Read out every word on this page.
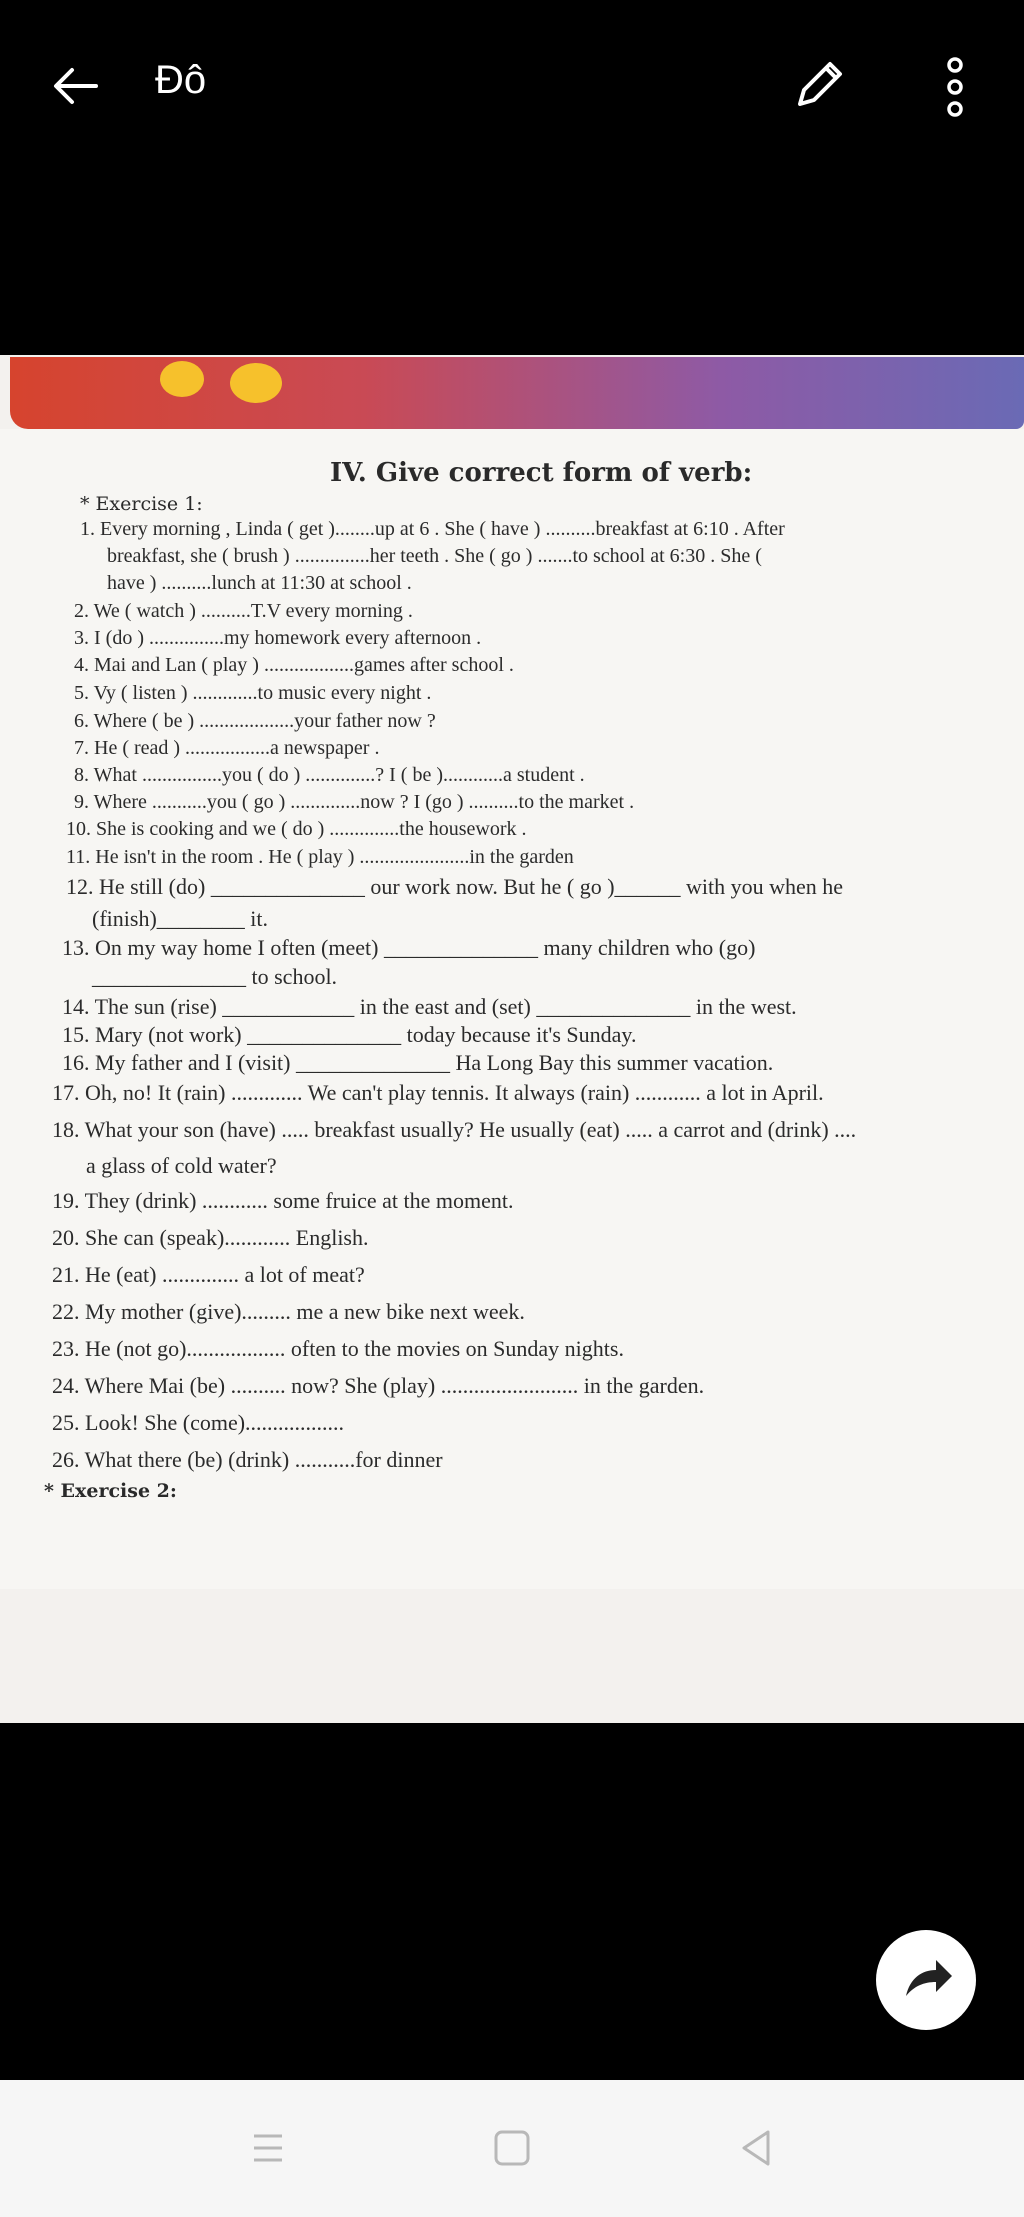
Đô
IV. Give correct form of verb:
* Exercise 1:
1. Every morning , Linda ( get )........up at 6 . She ( have ) ..........breakfast at 6:10 . After
breakfast, she ( brush ) ...............her teeth . She ( go ) .......to school at 6:30 . She (
have ) ..........lunch at 11:30 at school .
2. We ( watch ) ..........T.V every morning .
3. I (do ) ...............my homework every afternoon .
4. Mai and Lan ( play ) ..................games after school .
5. Vy ( listen ) .............to music every night .
6. Where ( be ) ...................your father now ?
7. He ( read ) .................a newspaper .
8. What ................you ( do ) ..............? I ( be )............a student .
9. Where ...........you ( go ) ..............now ? I (go ) ..........to the market .
10. She is cooking and we ( do ) ..............the housework .
11. He isn't in the room . He ( play ) ......................in the garden
12. He still (do) ______________ our work now. But he ( go )______ with you when he
(finish)________ it.
13. On my way home I often (meet) ______________ many children who (go)
______________ to school.
14. The sun (rise) ____________ in the east and (set) ______________ in the west.
15. Mary (not work) ______________ today because it's Sunday.
16. My father and I (visit) ______________ Ha Long Bay this summer vacation.
17. Oh, no! It (rain) ............. We can't play tennis. It always (rain) ............ a lot in April.
18. What your son (have) ..... breakfast usually? He usually (eat) ..... a carrot and (drink) ....
a glass of cold water?
19. They (drink) ............ some fruice at the moment.
20. She can (speak)............ English.
21. He (eat) .............. a lot of meat?
22. My mother (give)......... me a new bike next week.
23. He (not go).................. often to the movies on Sunday nights.
24. Where Mai (be) .......... now? She (play) ......................... in the garden.
25. Look! She (come)..................
26. What there (be) (drink) ...........for dinner
* Exercise 2:
